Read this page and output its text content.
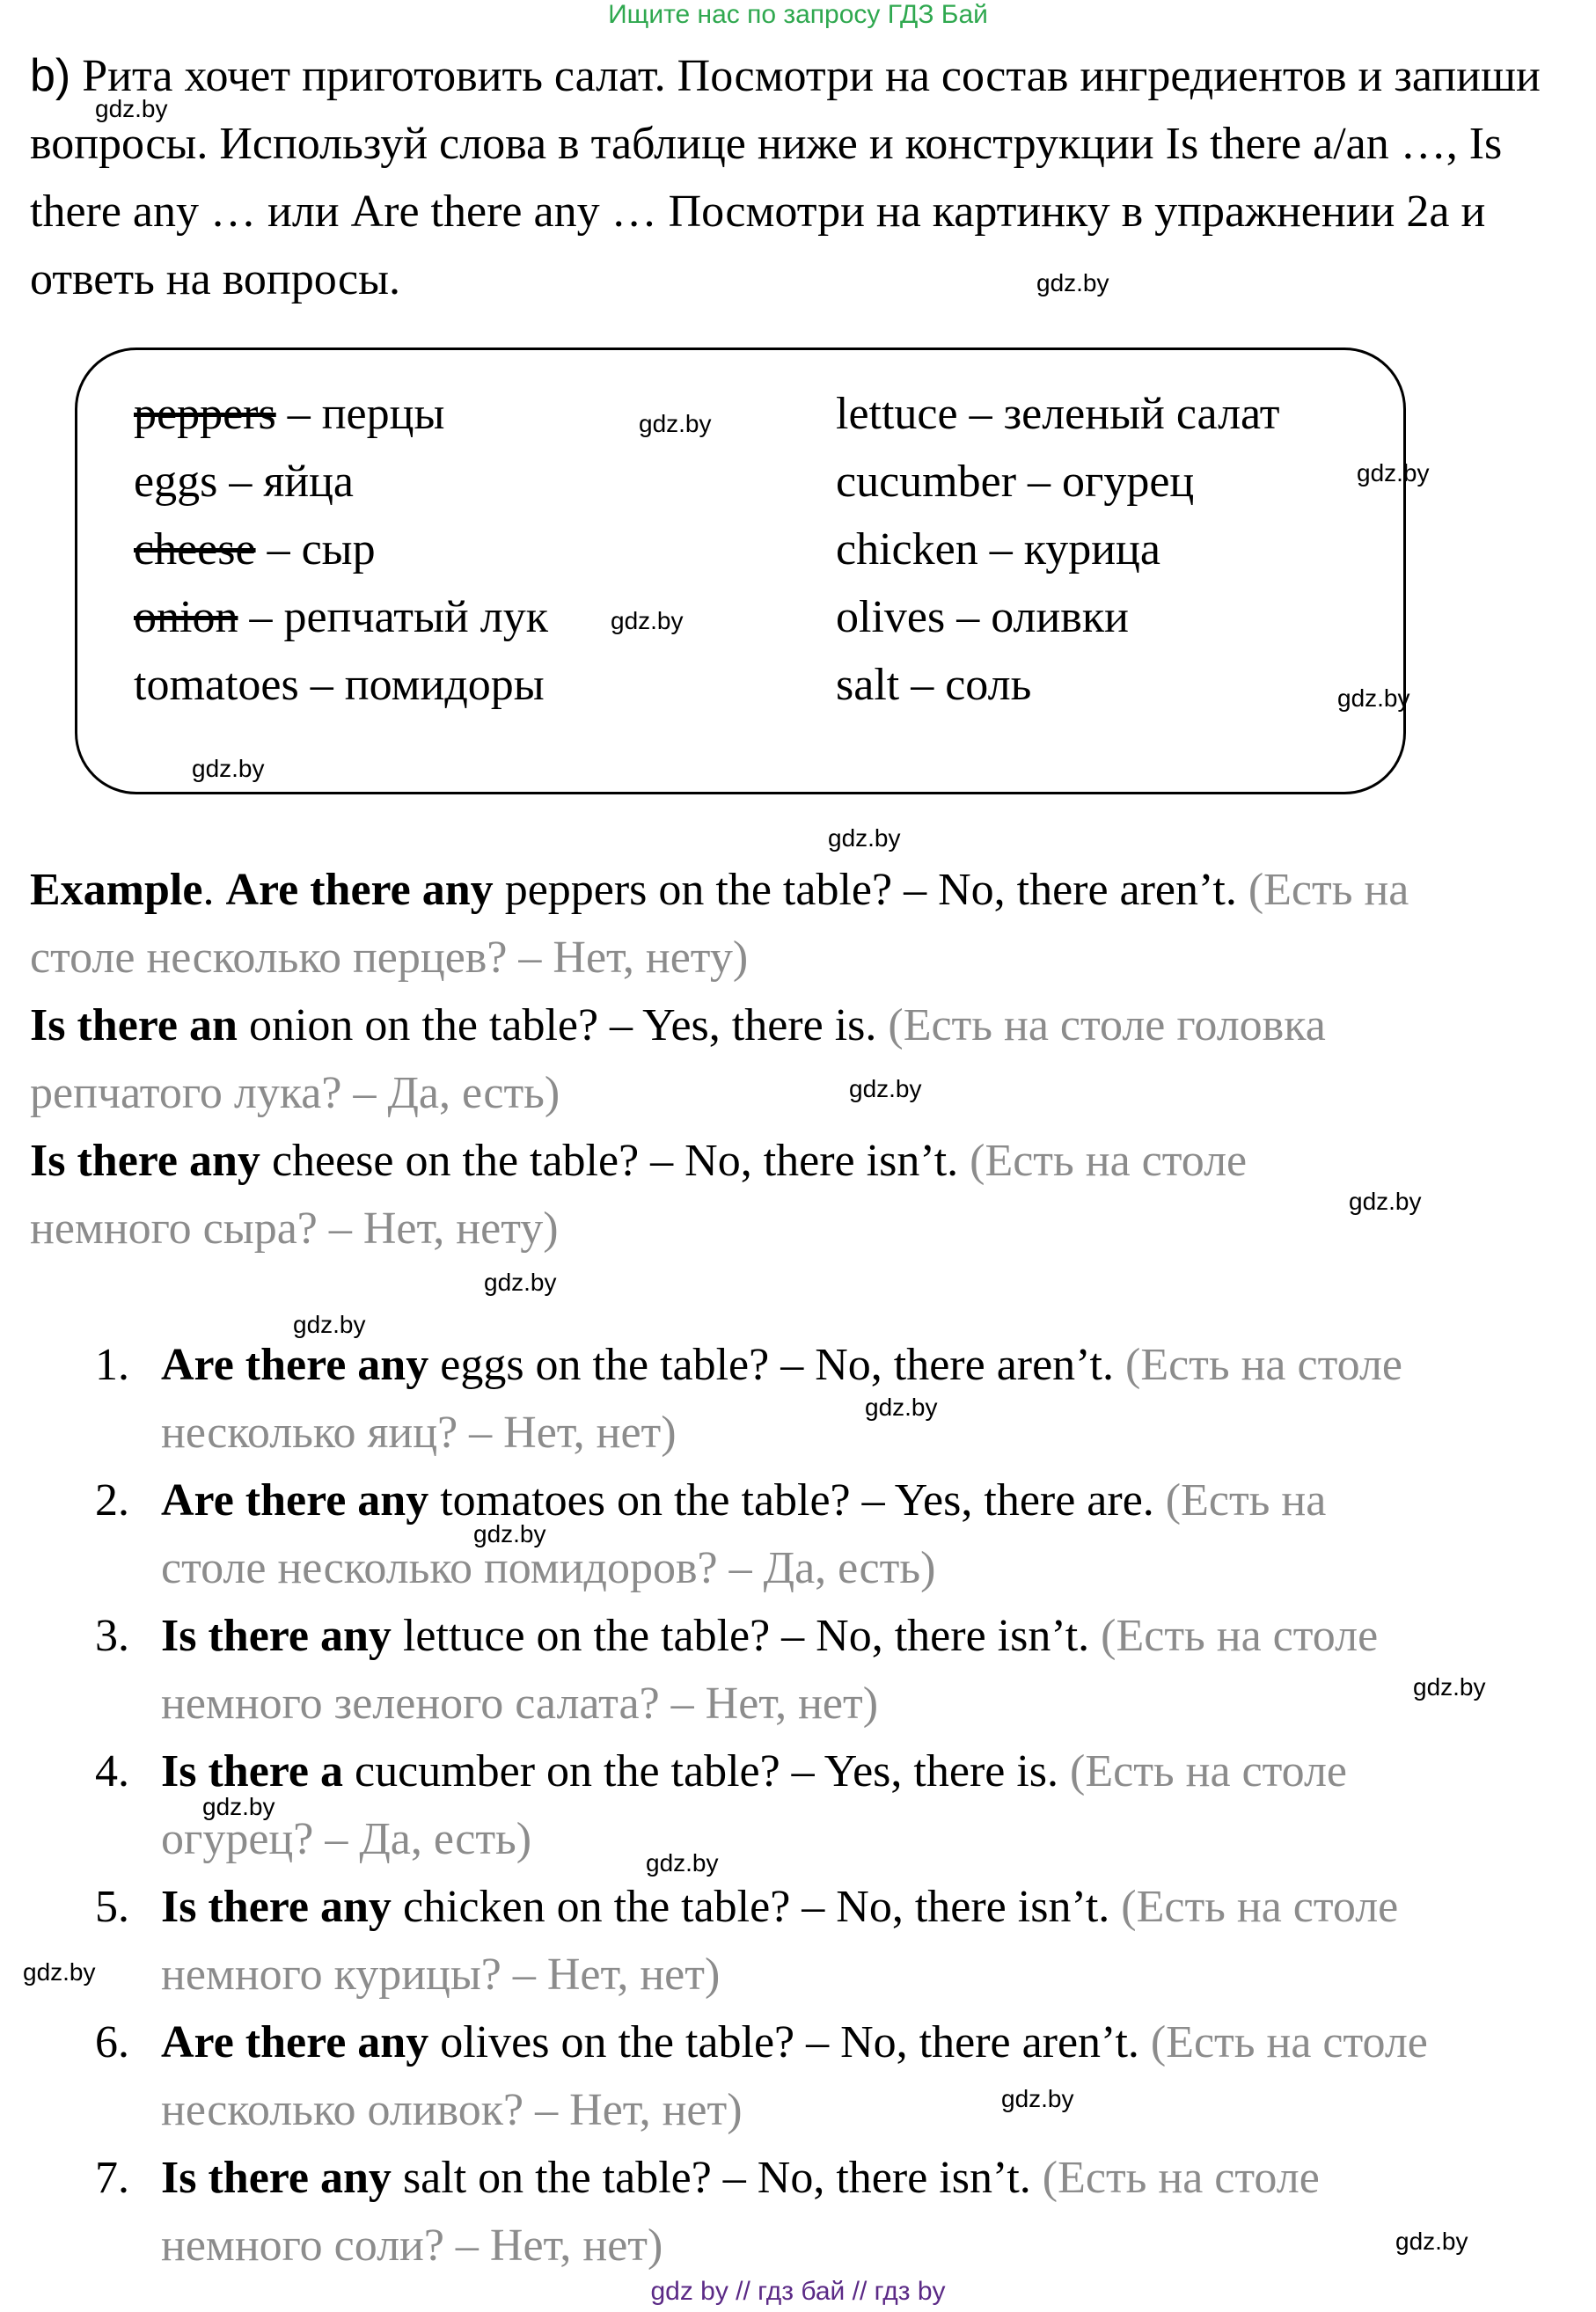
Ищите нас по запросу ГДЗ Бай
b) Рита хочет приготовить салат. Посмотри на состав ингредиентов и запиши вопросы. Используй слова в таблице ниже и конструкции Is there a/an …, Is there any … или Are there any … Посмотри на картинку в упражнении 2а и ответь на вопросы.
peppers – перцы
eggs – яйца
cheese – сыр
onion – репчатый лук
tomatoes – помидоры
lettuce – зеленый салат
cucumber – огурец
chicken – курица
olives – оливки
salt – соль
Example. Are there any peppers on the table? – No, there aren’t. (Есть на
столе несколько перцев? – Нет, нету)
Is there an onion on the table? – Yes, there is. (Есть на столе головка
репчатого лука? – Да, есть)
Is there any cheese on the table? – No, there isn’t. (Есть на столе
немного сыра? – Нет, нету)
1. Are there any eggs on the table? – No, there aren’t. (Есть на столе
несколько яиц? – Нет, нет)
2. Are there any tomatoes on the table? – Yes, there are. (Есть на
столе несколько помидоров? – Да, есть)
3. Is there any lettuce on the table? – No, there isn’t. (Есть на столе
немного зеленого салата? – Нет, нет)
4. Is there a cucumber on the table? – Yes, there is. (Есть на столе
огурец? – Да, есть)
5. Is there any chicken on the table? – No, there isn’t. (Есть на столе
немного курицы? – Нет, нет)
6. Are there any olives on the table? – No, there aren’t. (Есть на столе
несколько оливок? – Нет, нет)
7. Is there any salt on the table? – No, there isn’t. (Есть на столе
немного соли? – Нет, нет)
gdz.by
gdz.by
gdz.by
gdz.by
gdz.by
gdz.by
gdz.by
gdz.by
gdz.by
gdz.by
gdz.by
gdz.by
gdz.by
gdz.by
gdz.by
gdz.by
gdz.by
gdz.by
gdz.by
gdz.by
gdz by // гдз бай // гдз by
